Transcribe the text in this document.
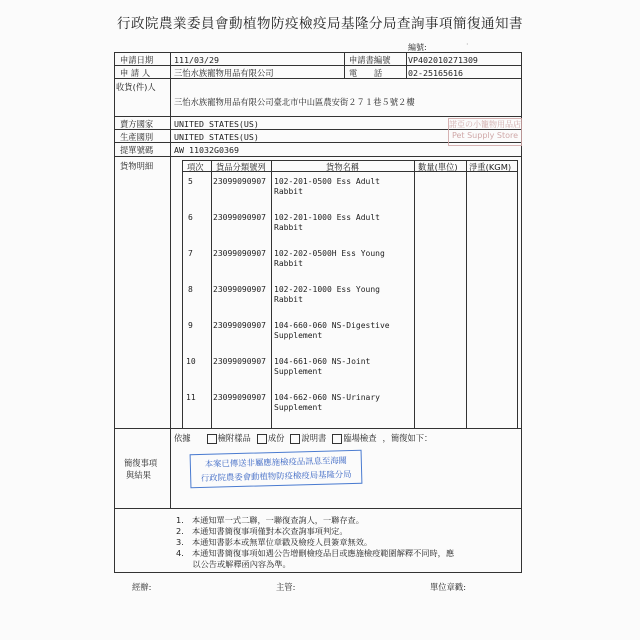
行政院農業委員會動植物防疫檢疫局基隆分局查詢事項簡復通知書
編號:	·
申請日期	111/03/29	申請書編號 VP402010271309
申 請 人	三怡水族寵物用品有限公司	電　　話	02-25165616
收貨(件)人
三怡水族寵物用品有限公司臺北市中山區農安街２７１巷５號２樓
諾亞の小籠物用品店
Pet Supply Store
賣方國家	UNITED STATES(US)
生產國別	UNITED STATES(US)
提單號碼	AW 11032G0369
貨物明細	項次 貨品分類號列	貨物名稱	數量(單位) 淨重(KGM)
5	23099090907 102-201-0500 Ess Adult Rabbit
6	23099090907 102-201-1000 Ess Adult Rabbit
7	23099090907 102-202-0500H Ess Young Rabbit
8	23099090907 102-202-1000 Ess Young Rabbit
9	23099090907 104-660-060 NS-Digestive Supplement
10 23099090907 104-661-060 NS-Joint Supplement
11 23099090907 104-662-060 NS-Urinary Supplement
簡復事項
與結果
依據	檢附樣品	成份	說明書	臨場檢查 ，簡復如下：
本案已傳送非屬應施檢疫品訊息至海關
行政院農委會動植物防疫檢疫局基隆分局
1.　本通知單一式二聯，一聯復查詢人，一聯存查。
2.　本通知書簡復事項僅對本次查詢事項判定。
3.　本通知書影本或無單位章戳及檢疫人員簽章無效。
4.　本通知書簡復事項如遇公告增刪檢疫品目或應施檢疫範圍解釋不同時，應
　　以公告或解釋函內容為準。
經辦:	主管:	單位章戳:
